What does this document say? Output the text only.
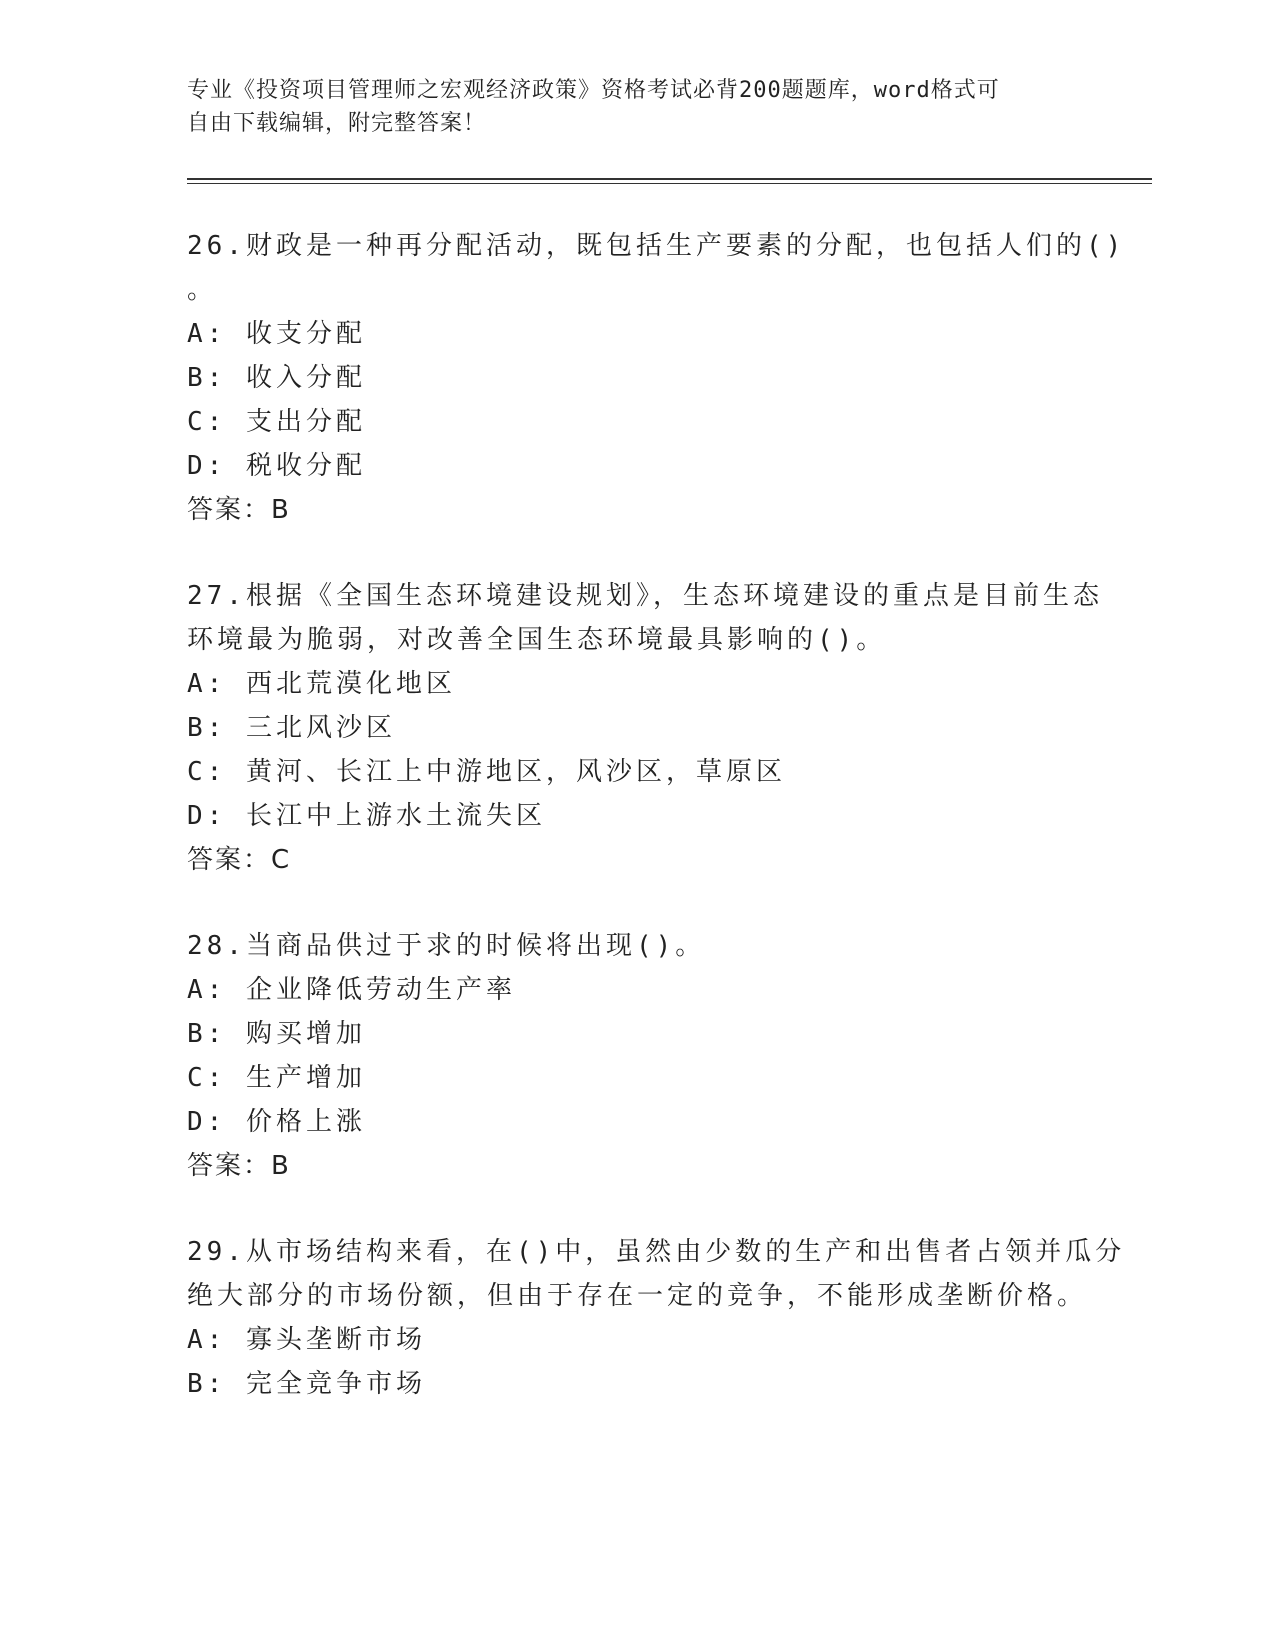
专业《投资项目管理师之宏观经济政策》资格考试必背200题题库，word格式可
自由下载编辑，附完整答案！
26.财政是一种再分配活动，既包括生产要素的分配，也包括人们的()
。
A: 收支分配
B: 收入分配
C: 支出分配
D: 税收分配
答案：B
27.根据《全国生态环境建设规划》，生态环境建设的重点是目前生态
环境最为脆弱，对改善全国生态环境最具影响的()。
A: 西北荒漠化地区
B: 三北风沙区
C: 黄河、长江上中游地区，风沙区，草原区
D: 长江中上游水土流失区
答案：C
28.当商品供过于求的时候将出现()。
A: 企业降低劳动生产率
B: 购买增加
C: 生产增加
D: 价格上涨
答案：B
29.从市场结构来看，在()中，虽然由少数的生产和出售者占领并瓜分
绝大部分的市场份额，但由于存在一定的竞争，不能形成垄断价格。
A: 寡头垄断市场
B: 完全竞争市场
